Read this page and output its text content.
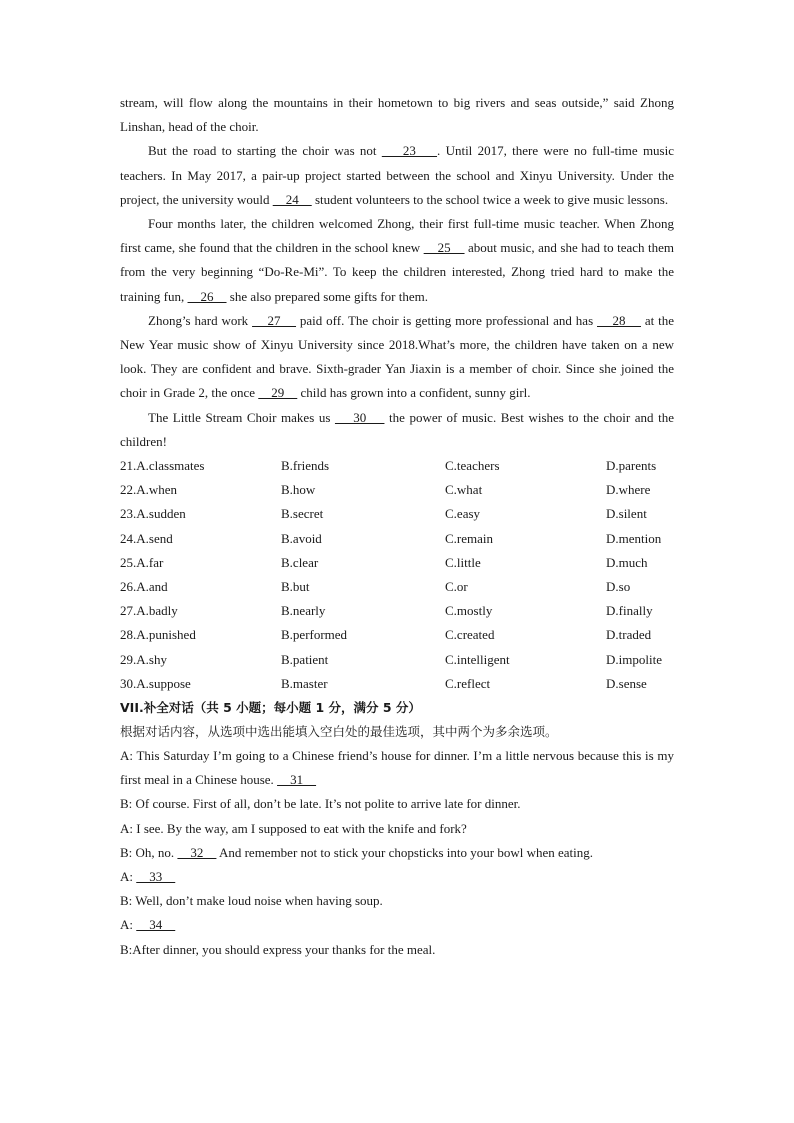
stream, will flow along the mountains in their hometown to big rivers and seas outside,” said Zhong Linshan, head of the choir.

But the road to starting the choir was not     23    . Until 2017, there were no full-time music teachers. In May 2017, a pair-up project started between the school and Xinyu University. Under the project, the university would     24     student volunteers to the school twice a week to give music lessons.

Four months later, the children welcomed Zhong, their first full-time music teacher. When Zhong first came, she found that the children in the school knew     25     about music, and she had to teach them from the very beginning “Do-Re-Mi”. To keep the children interested, Zhong tried hard to make the training fun,     26     she also prepared some gifts for them.

Zhong’s hard work     27     paid off. The choir is getting more professional and has     28     at the New Year music show of Xinyu University since 2018.What’s more, the children have taken on a new look. They are confident and brave. Sixth-grader Yan Jiaxin is a member of choir. Since she joined the choir in Grade 2, the once     29     child has grown into a confident, sunny girl.

The Little Stream Choir makes us     30     the power of music. Best wishes to the choir and the children!

21.A.classmates	B.friends	C.teachers	D.parents
22.A.when	B.how	C.what	D.where
23.A.sudden	B.secret	C.easy	D.silent
24.A.send	B.avoid	C.remain	D.mention
25.A.far	B.clear	C.little	D.much
26.A.and	B.but	C.or	D.so
27.A.badly	B.nearly	C.mostly	D.finally
28.A.punished	B.performed	C.created	D.traded
29.A.shy	B.patient	C.intelligent	D.impolite
30.A.suppose	B.master	C.reflect	D.sense
VII.补全对话（共 5 小题；每小题 1 分，满分 5 分）
根据对话内容，从选项中选出能填入空白处的最佳选项，其中两个为多余选项。

A: This Saturday I’m going to a Chinese friend’s house for dinner. I’m a little nervous because this is my first meal in a Chinese house.     31

B: Of course. First of all, don’t be late. It’s not polite to arrive late for dinner.

A: I see. By the way, am I supposed to eat with the knife and fork?

B: Oh, no.     32     And remember not to stick your chopsticks into your bowl when eating.

A:     33

B: Well, don’t make loud noise when having soup.

A:     34

B:After dinner, you should express your thanks for the meal.
